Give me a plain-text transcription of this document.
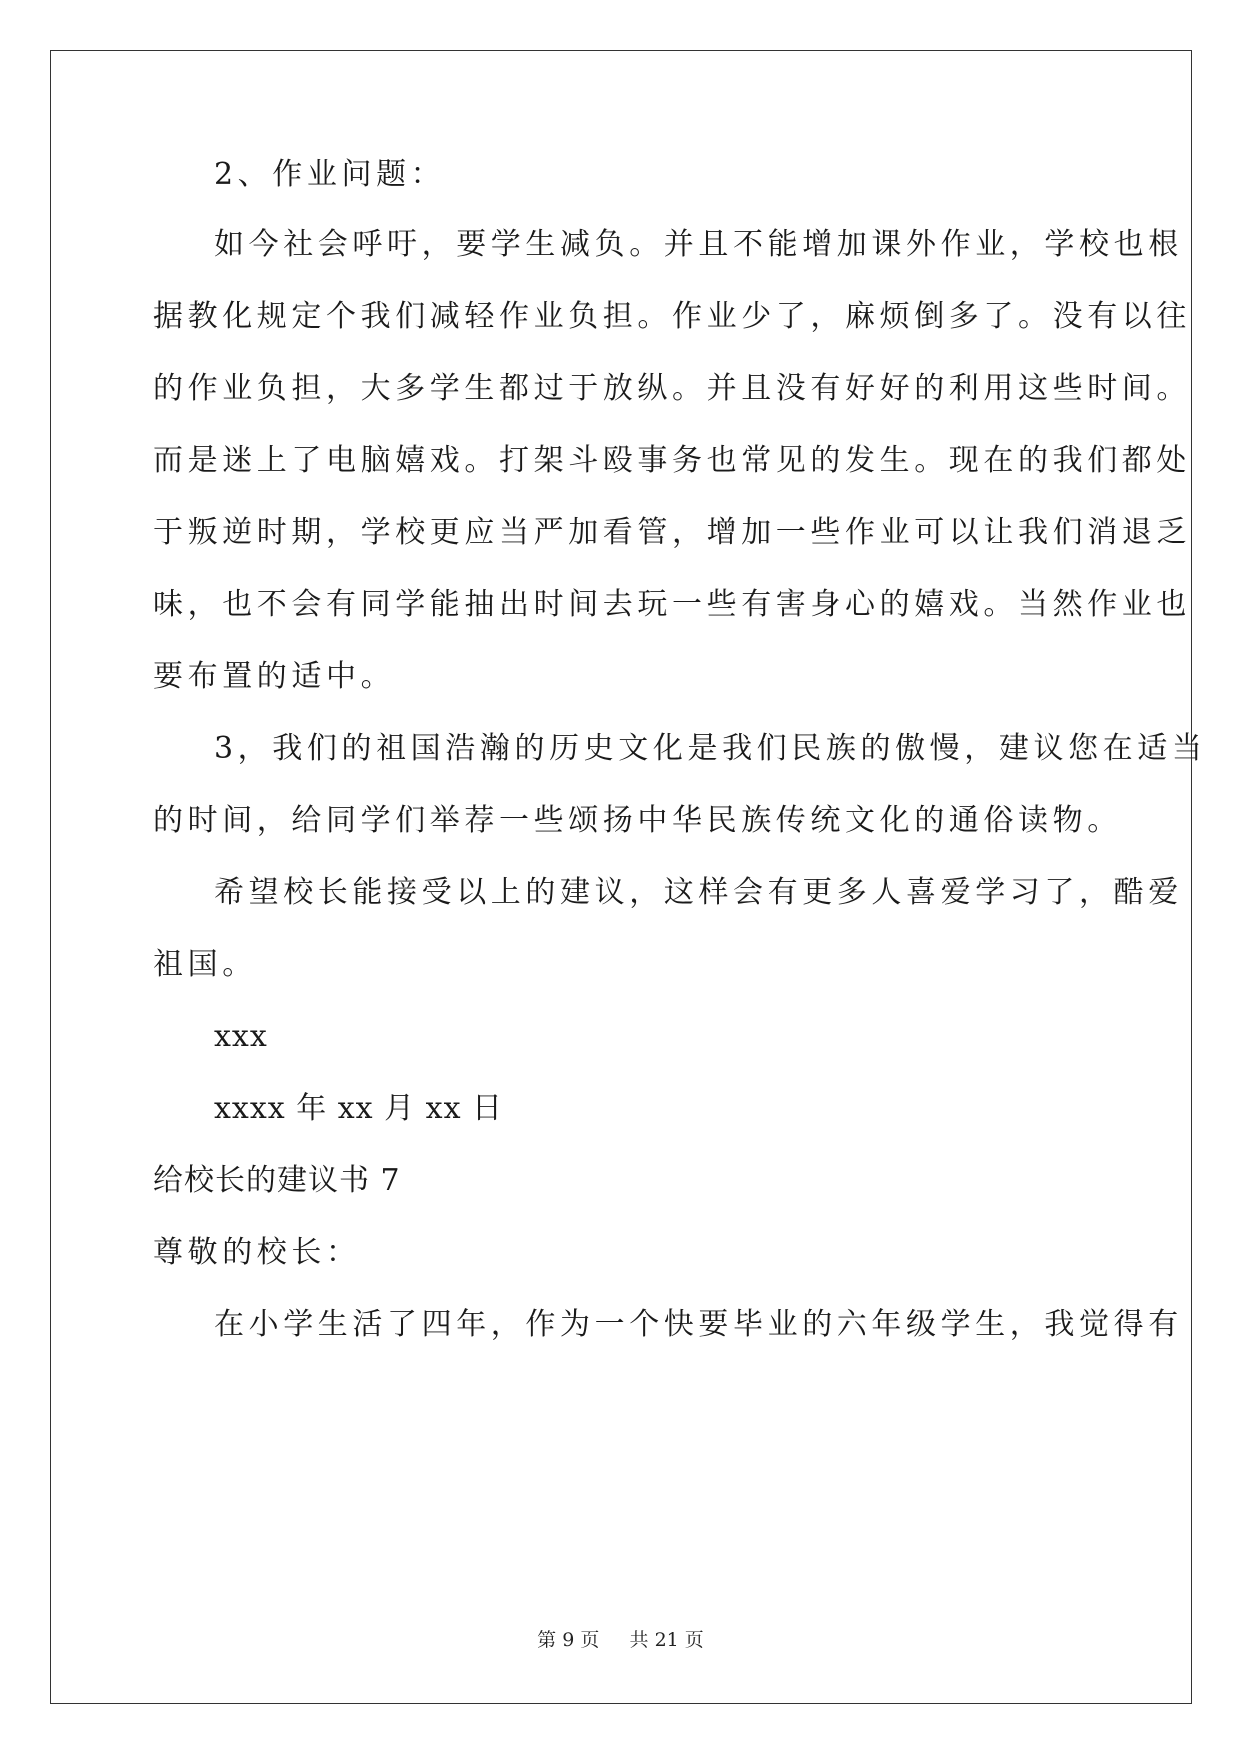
2、作业问题：
如今社会呼吁，要学生减负。并且不能增加课外作业，学校也根
据教化规定个我们减轻作业负担。作业少了，麻烦倒多了。没有以往
的作业负担，大多学生都过于放纵。并且没有好好的利用这些时间。
而是迷上了电脑嬉戏。打架斗殴事务也常见的发生。现在的我们都处
于叛逆时期，学校更应当严加看管，增加一些作业可以让我们消退乏
味，也不会有同学能抽出时间去玩一些有害身心的嬉戏。当然作业也
要布置的适中。
3，我们的祖国浩瀚的历史文化是我们民族的傲慢，建议您在适当
的时间，给同学们举荐一些颂扬中华民族传统文化的通俗读物。
希望校长能接受以上的建议，这样会有更多人喜爱学习了，酷爱
祖国。
xxx
xxxx 年 xx 月 xx 日
给校长的建议书 7
尊敬的校长：
在小学生活了四年，作为一个快要毕业的六年级学生，我觉得有
第 9 页 共 21 页
